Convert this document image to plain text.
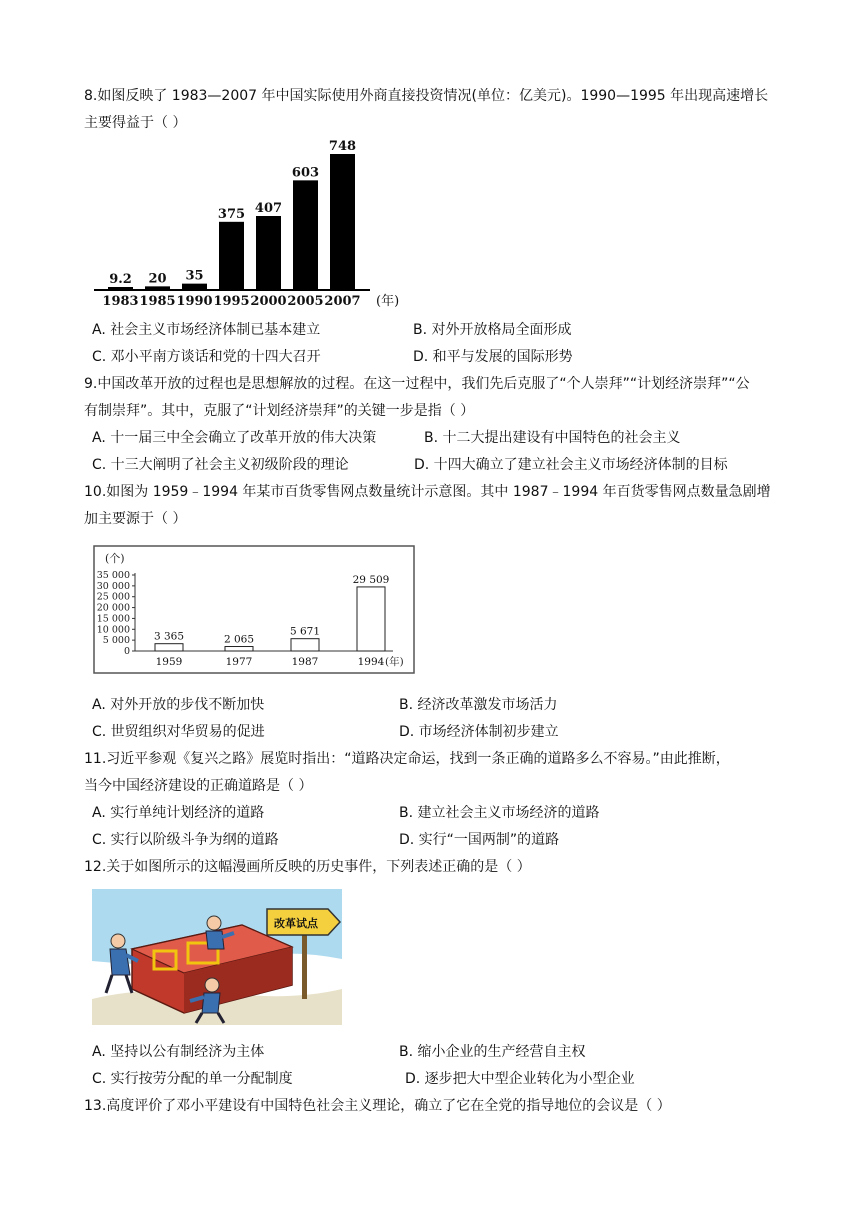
8.如图反映了 1983—2007 年中国实际使用外商直接投资情况(单位：亿美元)。1990—1995 年出现高速增长
主要得益于（ ）
(年)
9.2
1983
20
1985
35
1990
375
1995
407
2000
603
2005
748
2007
A. 社会主义市场经济体制已基本建立	B. 对外开放格局全面形成
C. 邓小平南方谈话和党的十四大召开	D. 和平与发展的国际形势
9.中国改革开放的过程也是思想解放的过程。在这一过程中，我们先后克服了“个人崇拜”“计划经济崇拜”“公
有制崇拜”。其中，克服了“计划经济崇拜”的关键一步是指（ ）
A. 十一届三中全会确立了改革开放的伟大决策	B. 十二大提出建设有中国特色的社会主义
C. 十三大阐明了社会主义初级阶段的理论	D. 十四大确立了建立社会主义市场经济体制的目标
10.如图为 1959﹣1994 年某市百货零售网点数量统计示意图。其中 1987﹣1994 年百货零售网点数量急剧增
加主要源于（ ）
(个)
(年)
35 000
30 000
25 000
20 000
15 000
10 000
5 000
0
3 365
1959
2 065
1977
5 671
1987
29 509
1994
A. 对外开放的步伐不断加快	B. 经济改革激发市场活力
C. 世贸组织对华贸易的促进	D. 市场经济体制初步建立
11.习近平参观《复兴之路》展览时指出：“道路决定命运，找到一条正确的道路多么不容易。”由此推断，
当今中国经济建设的正确道路是（ ）
A. 实行单纯计划经济的道路	B. 建立社会主义市场经济的道路
C. 实行以阶级斗争为纲的道路	D. 实行“一国两制”的道路
12.关于如图所示的这幅漫画所反映的历史事件，下列表述正确的是（ ）
改革试点
A. 坚持以公有制经济为主体	B. 缩小企业的生产经营自主权
C. 实行按劳分配的单一分配制度	D. 逐步把大中型企业转化为小型企业
13.高度评价了邓小平建设有中国特色社会主义理论，确立了它在全党的指导地位的会议是（ ）
